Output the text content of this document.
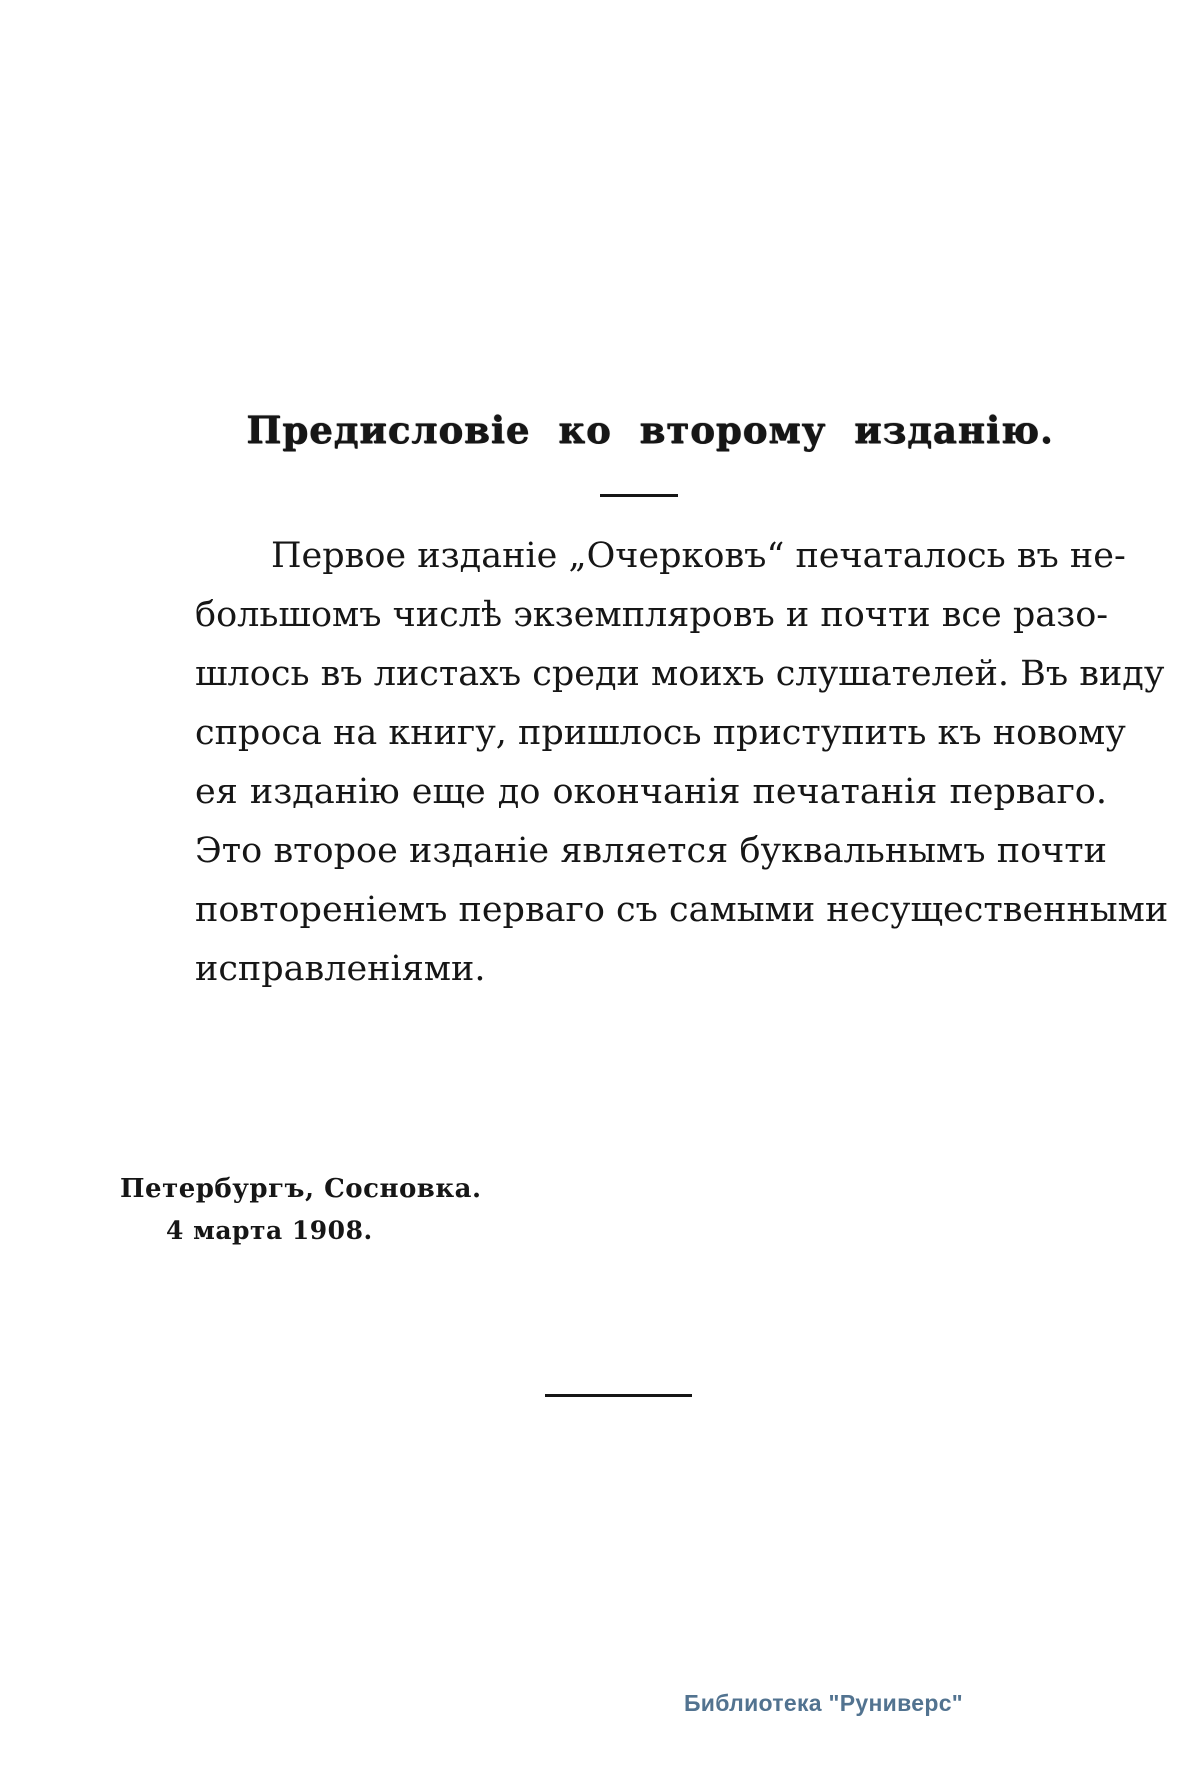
Предисловіе ко второму изданію.
Первое изданіе „Очерковъ“ печаталось въ не-
большомъ числѣ экземпляровъ и почти все разо-
шлось въ листахъ среди моихъ слушателей. Въ виду
спроса на книгу, пришлось приступить къ новому
ея изданію еще до окончанія печатанія перваго.
Это второе изданіе является буквальнымъ почти
повтореніемъ перваго съ самыми несущественными
исправленіями.
Петербургъ, Сосновка.
4 марта 1908.
Библиотека "Руниверс"
